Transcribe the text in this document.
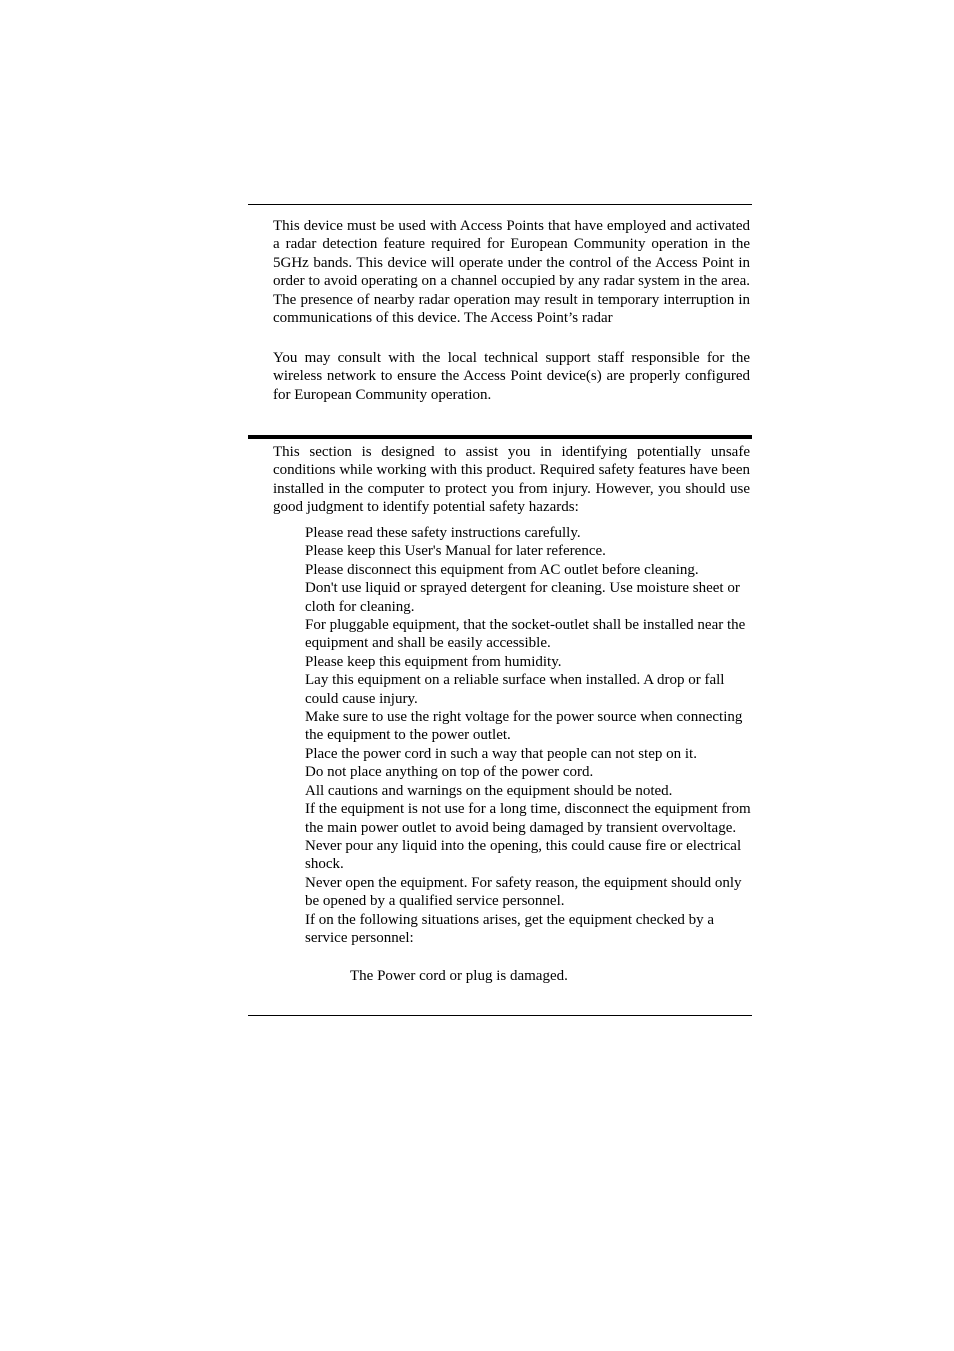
This device must be used with Access Points that have employed and activated a radar detection feature required for European Community operation in the 5GHz bands. This device will operate under the control of the Access Point in order to avoid operating on a channel occupied by any radar system in the area. The presence of nearby radar operation may result in temporary interruption in communications of this device. The Access Point’s radar

You may consult with the local technical support staff responsible for the wireless network to ensure the Access Point device(s) are properly configured for European Community operation.

This section is designed to assist you in identifying potentially unsafe conditions while working with this product. Required safety features have been installed in the computer to protect you from injury. However, you should use good judgment to identify potential safety hazards:

Please read these safety instructions carefully.
Please keep this User's Manual for later reference.
Please disconnect this equipment from AC outlet before cleaning.
Don't use liquid or sprayed detergent for cleaning. Use moisture sheet or cloth for cleaning.
For pluggable equipment, that the socket-outlet shall be installed near the equipment and shall be easily accessible.
Please keep this equipment from humidity.
Lay this equipment on a reliable surface when installed. A drop or fall could cause injury.
Make sure to use the right voltage for the power source when connecting the equipment to the power outlet.
Place the power cord in such a way that people can not step on it.
Do not place anything on top of the power cord.
All cautions and warnings on the equipment should be noted.
If the equipment is not use for a long time, disconnect the equipment from the main power outlet to avoid being damaged by transient overvoltage.
Never pour any liquid into the opening, this could cause fire or electrical shock.
Never open the equipment. For safety reason, the equipment should only be opened by a qualified service personnel.
If on the following situations arises, get the equipment checked by a service personnel:

The Power cord or plug is damaged.
